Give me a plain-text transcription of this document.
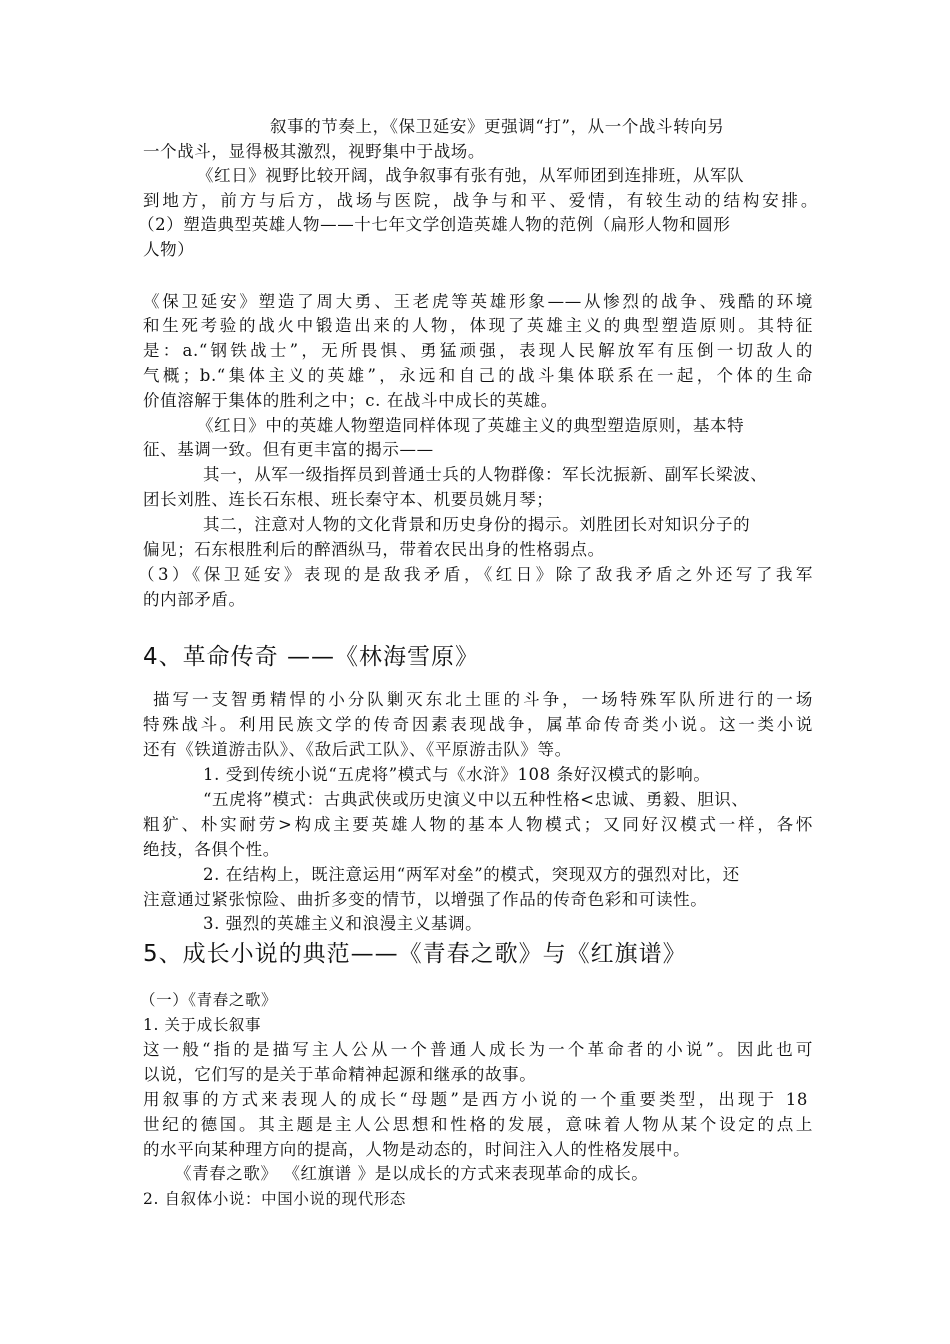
叙事的节奏上，《保卫延安》更强调“打”，从一个战斗转向另
一个战斗，显得极其激烈，视野集中于战场。
《红日》视野比较开阔，战争叙事有张有弛，从军师团到连排班，从军队
到地方，前方与后方，战场与医院，战争与和平、爱情，有较生动的结构安排。
（2）塑造典型英雄人物——十七年文学创造英雄人物的范例（扁形人物和圆形
人物）
《保卫延安》塑造了周大勇、王老虎等英雄形象——从惨烈的战争、残酷的环境
和生死考验的战火中锻造出来的人物，体现了英雄主义的典型塑造原则。其特征
是：a.“钢铁战士”，无所畏惧、勇猛顽强，表现人民解放军有压倒一切敌人的
气概；b.“集体主义的英雄”，永远和自己的战斗集体联系在一起，个体的生命
价值溶解于集体的胜利之中；c. 在战斗中成长的英雄。
《红日》中的英雄人物塑造同样体现了英雄主义的典型塑造原则，基本特
征、基调一致。但有更丰富的揭示——
其一，从军一级指挥员到普通士兵的人物群像：军长沈振新、副军长梁波、
团长刘胜、连长石东根、班长秦守本、机要员姚月琴；
其二，注意对人物的文化背景和历史身份的揭示。刘胜团长对知识分子的
偏见；石东根胜利后的醉酒纵马，带着农民出身的性格弱点。
（3）《保卫延安》表现的是敌我矛盾，《红日》除了敌我矛盾之外还写了我军
的内部矛盾。
4、革命传奇 ——《林海雪原》
描写一支智勇精悍的小分队剿灭东北土匪的斗争，一场特殊军队所进行的一场
特殊战斗。利用民族文学的传奇因素表现战争，属革命传奇类小说。这一类小说
还有《铁道游击队》、《敌后武工队》、《平原游击队》等。
1. 受到传统小说“五虎将”模式与《水浒》108 条好汉模式的影响。
“五虎将”模式：古典武侠或历史演义中以五种性格<忠诚、勇毅、胆识、
粗犷、朴实耐劳>构成主要英雄人物的基本人物模式；又同好汉模式一样，各怀
绝技，各俱个性。
2. 在结构上，既注意运用“两军对垒”的模式，突现双方的强烈对比，还
注意通过紧张惊险、曲折多变的情节，以增强了作品的传奇色彩和可读性。
3. 强烈的英雄主义和浪漫主义基调。
5、成长小说的典范——《青春之歌》与《红旗谱》
（一）《青春之歌》
1. 关于成长叙事
这一般“指的是描写主人公从一个普通人成长为一个革命者的小说”。因此也可
以说，它们写的是关于革命精神起源和继承的故事。
用叙事的方式来表现人的成长“母题”是西方小说的一个重要类型，出现于 18
世纪的德国。其主题是主人公思想和性格的发展，意味着人物从某个设定的点上
的水平向某种理方向的提高，人物是动态的，时间注入人的性格发展中。
《青春之歌》 《红旗谱 》是以成长的方式来表现革命的成长。
2. 自叙体小说：中国小说的现代形态
